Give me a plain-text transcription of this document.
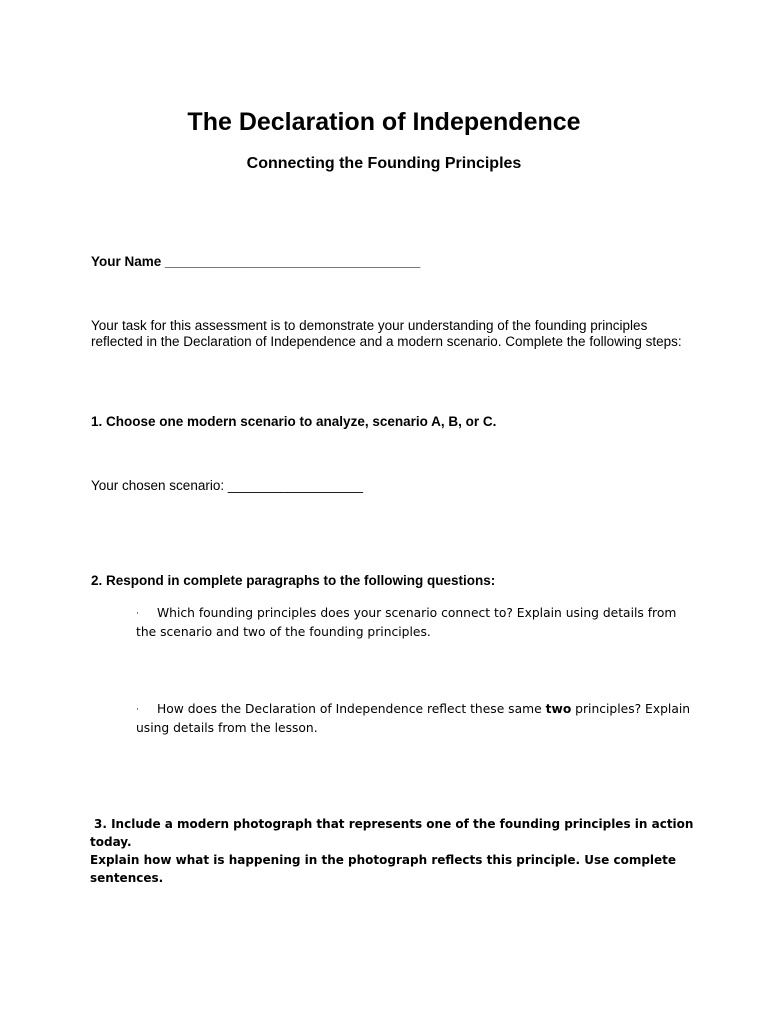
The Declaration of Independence
Connecting the Founding Principles
Your Name __________________________________
Your task for this assessment is to demonstrate your understanding of the founding principles reflected in the Declaration of Independence and a modern scenario. Complete the following steps:
1. Choose one modern scenario to analyze, scenario A, B, or C.
Your chosen scenario: __________________
2. Respond in complete paragraphs to the following questions:
· Which founding principles does your scenario connect to? Explain using details from the scenario and two of the founding principles.
· How does the Declaration of Independence reflect these same two principles? Explain using details from the lesson.
3. Include a modern photograph that represents one of the founding principles in action today.
Explain how what is happening in the photograph reflects this principle. Use complete sentences.
